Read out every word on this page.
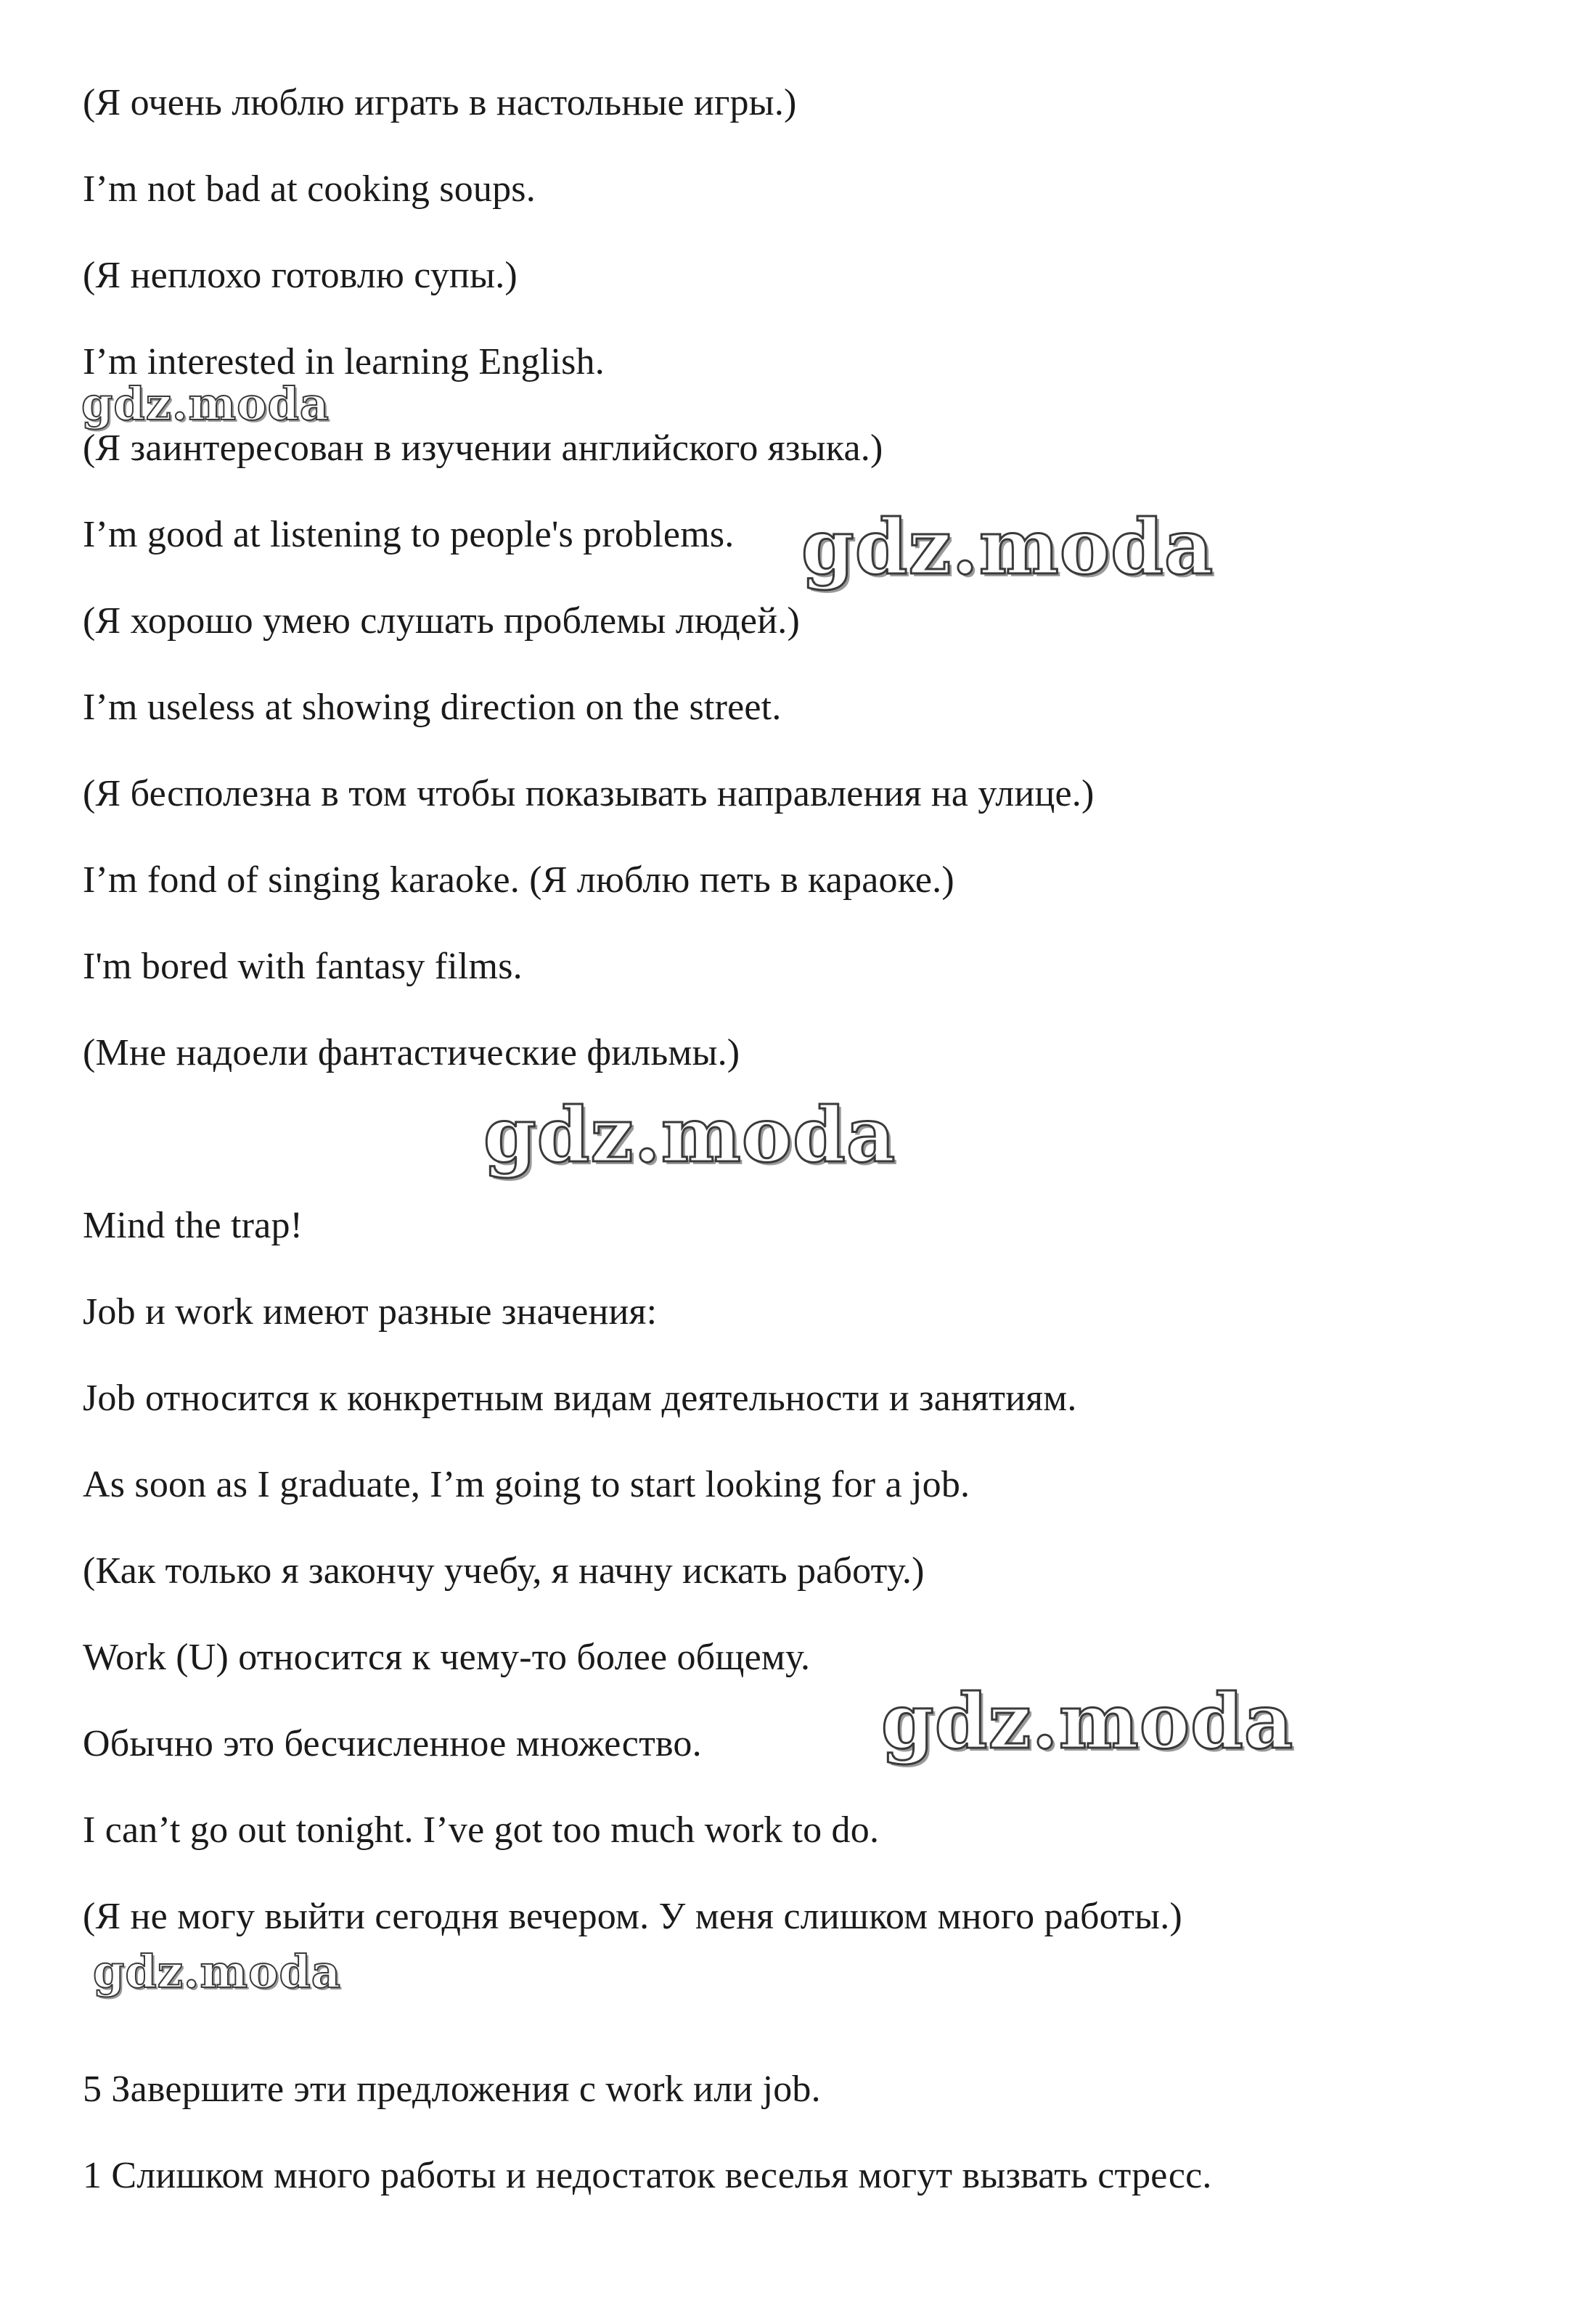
(Я очень люблю играть в настольные игры.)
I’m not bad at cooking soups.
(Я неплохо готовлю супы.)
I’m interested in learning English.
(Я заинтересован в изучении английского языка.)
I’m good at listening to people's problems.
(Я хорошо умею слушать проблемы людей.)
I’m useless at showing direction on the street.
(Я бесполезна в том чтобы показывать направления на улице.)
I’m fond of singing karaoke. (Я люблю петь в караоке.)
I'm bored with fantasy films.
(Мне надоели фантастические фильмы.)
Mind the trap!
Job и work имеют разные значения:
Job относится к конкретным видам деятельности и занятиям.
As soon as I graduate, I’m going to start looking for a job.
(Как только я закончу учебу, я начну искать работу.)
Work (U) относится к чему-то более общему.
Обычно это бесчисленное множество.
I can’t go out tonight. I’ve got too much work to do.
(Я не могу выйти сегодня вечером. У меня слишком много работы.)
5 Завершите эти предложения с work или job.
1 Слишком много работы и недостаток веселья могут вызвать стресс.
gdz.moda
gdz.moda
gdz.moda
gdz.moda
gdz.moda
